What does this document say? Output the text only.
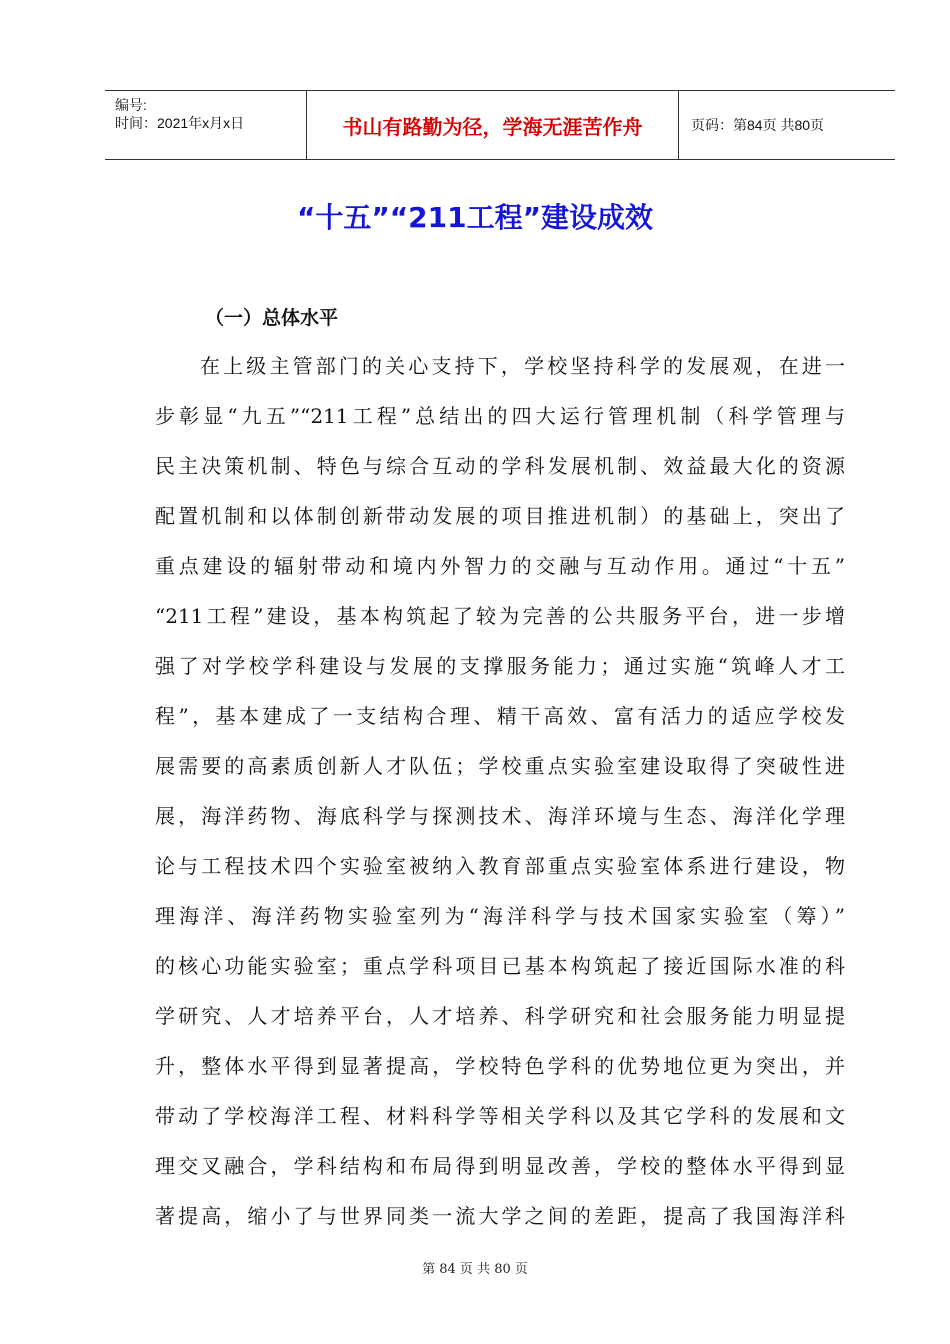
编号:
时间：2021年x月x日	书山有路勤为径，学海无涯苦作舟	页码：第84页 共80页
“十五”“211工程”建设成效
（一）总体水平
在上级主管部门的关心支持下，学校坚持科学的发展观，在进一
步彰显“九五”“211工程”总结出的四大运行管理机制（科学管理与
民主决策机制、特色与综合互动的学科发展机制、效益最大化的资源
配置机制和以体制创新带动发展的项目推进机制）的基础上，突出了
重点建设的辐射带动和境内外智力的交融与互动作用。通过“十五”
“211工程”建设，基本构筑起了较为完善的公共服务平台，进一步增
强了对学校学科建设与发展的支撑服务能力；通过实施“筑峰人才工
程”，基本建成了一支结构合理、精干高效、富有活力的适应学校发
展需要的高素质创新人才队伍；学校重点实验室建设取得了突破性进
展，海洋药物、海底科学与探测技术、海洋环境与生态、海洋化学理
论与工程技术四个实验室被纳入教育部重点实验室体系进行建设，物
理海洋、海洋药物实验室列为“海洋科学与技术国家实验室（筹）”
的核心功能实验室；重点学科项目已基本构筑起了接近国际水准的科
学研究、人才培养平台，人才培养、科学研究和社会服务能力明显提
升，整体水平得到显著提高，学校特色学科的优势地位更为突出，并
带动了学校海洋工程、材料科学等相关学科以及其它学科的发展和文
理交叉融合，学科结构和布局得到明显改善，学校的整体水平得到显
著提高，缩小了与世界同类一流大学之间的差距，提高了我国海洋科
第 84 页 共 80 页
